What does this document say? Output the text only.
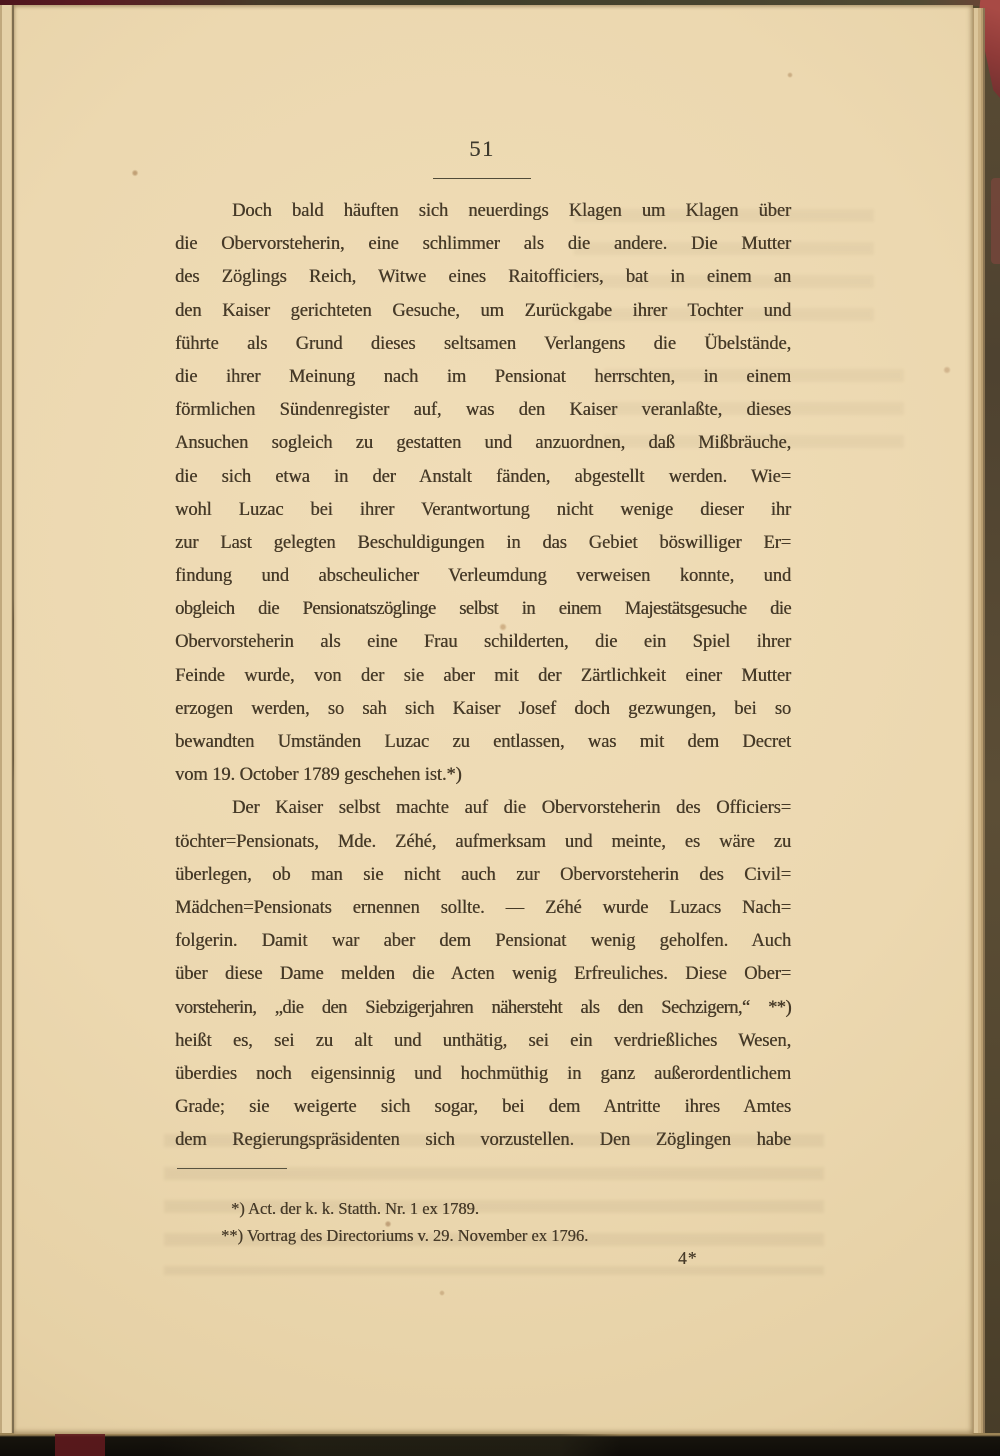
51
Doch bald häuften sich neuerdings Klagen um Klagen über
die Obervorsteherin, eine schlimmer als die andere. Die Mutter
des Zöglings Reich, Witwe eines Raitofficiers, bat in einem an
den Kaiser gerichteten Gesuche, um Zurückgabe ihrer Tochter und
führte als Grund dieses seltsamen Verlangens die Übelstände,
die ihrer Meinung nach im Pensionat herrschten, in einem
förmlichen Sündenregister auf, was den Kaiser veranlaßte, dieses
Ansuchen sogleich zu gestatten und anzuordnen, daß Mißbräuche,
die sich etwa in der Anstalt fänden, abgestellt werden. Wie=
wohl Luzac bei ihrer Verantwortung nicht wenige dieser ihr
zur Last gelegten Beschuldigungen in das Gebiet böswilliger Er=
findung und abscheulicher Verleumdung verweisen konnte, und
obgleich die Pensionatszöglinge selbst in einem Majestätsgesuche die
Obervorsteherin als eine Frau schilderten, die ein Spiel ihrer
Feinde wurde, von der sie aber mit der Zärtlichkeit einer Mutter
erzogen werden, so sah sich Kaiser Josef doch gezwungen, bei so
bewandten Umständen Luzac zu entlassen, was mit dem Decret
vom 19. October 1789 geschehen ist.*)
Der Kaiser selbst machte auf die Obervorsteherin des Officiers=
töchter=Pensionats, Mde. Zéhé, aufmerksam und meinte, es wäre zu
überlegen, ob man sie nicht auch zur Obervorsteherin des Civil=
Mädchen=Pensionats ernennen sollte. — Zéhé wurde Luzacs Nach=
folgerin. Damit war aber dem Pensionat wenig geholfen. Auch
über diese Dame melden die Acten wenig Erfreuliches. Diese Ober=
vorsteherin, „die den Siebzigerjahren nähersteht als den Sechzigern,“ **)
heißt es, sei zu alt und unthätig, sei ein verdrießliches Wesen,
überdies noch eigensinnig und hochmüthig in ganz außerordentlichem
Grade; sie weigerte sich sogar, bei dem Antritte ihres Amtes
dem Regierungspräsidenten sich vorzustellen. Den Zöglingen habe
*) Act. der k. k. Statth. Nr. 1 ex 1789.
**) Vortrag des Directoriums v. 29. November ex 1796.
4*
